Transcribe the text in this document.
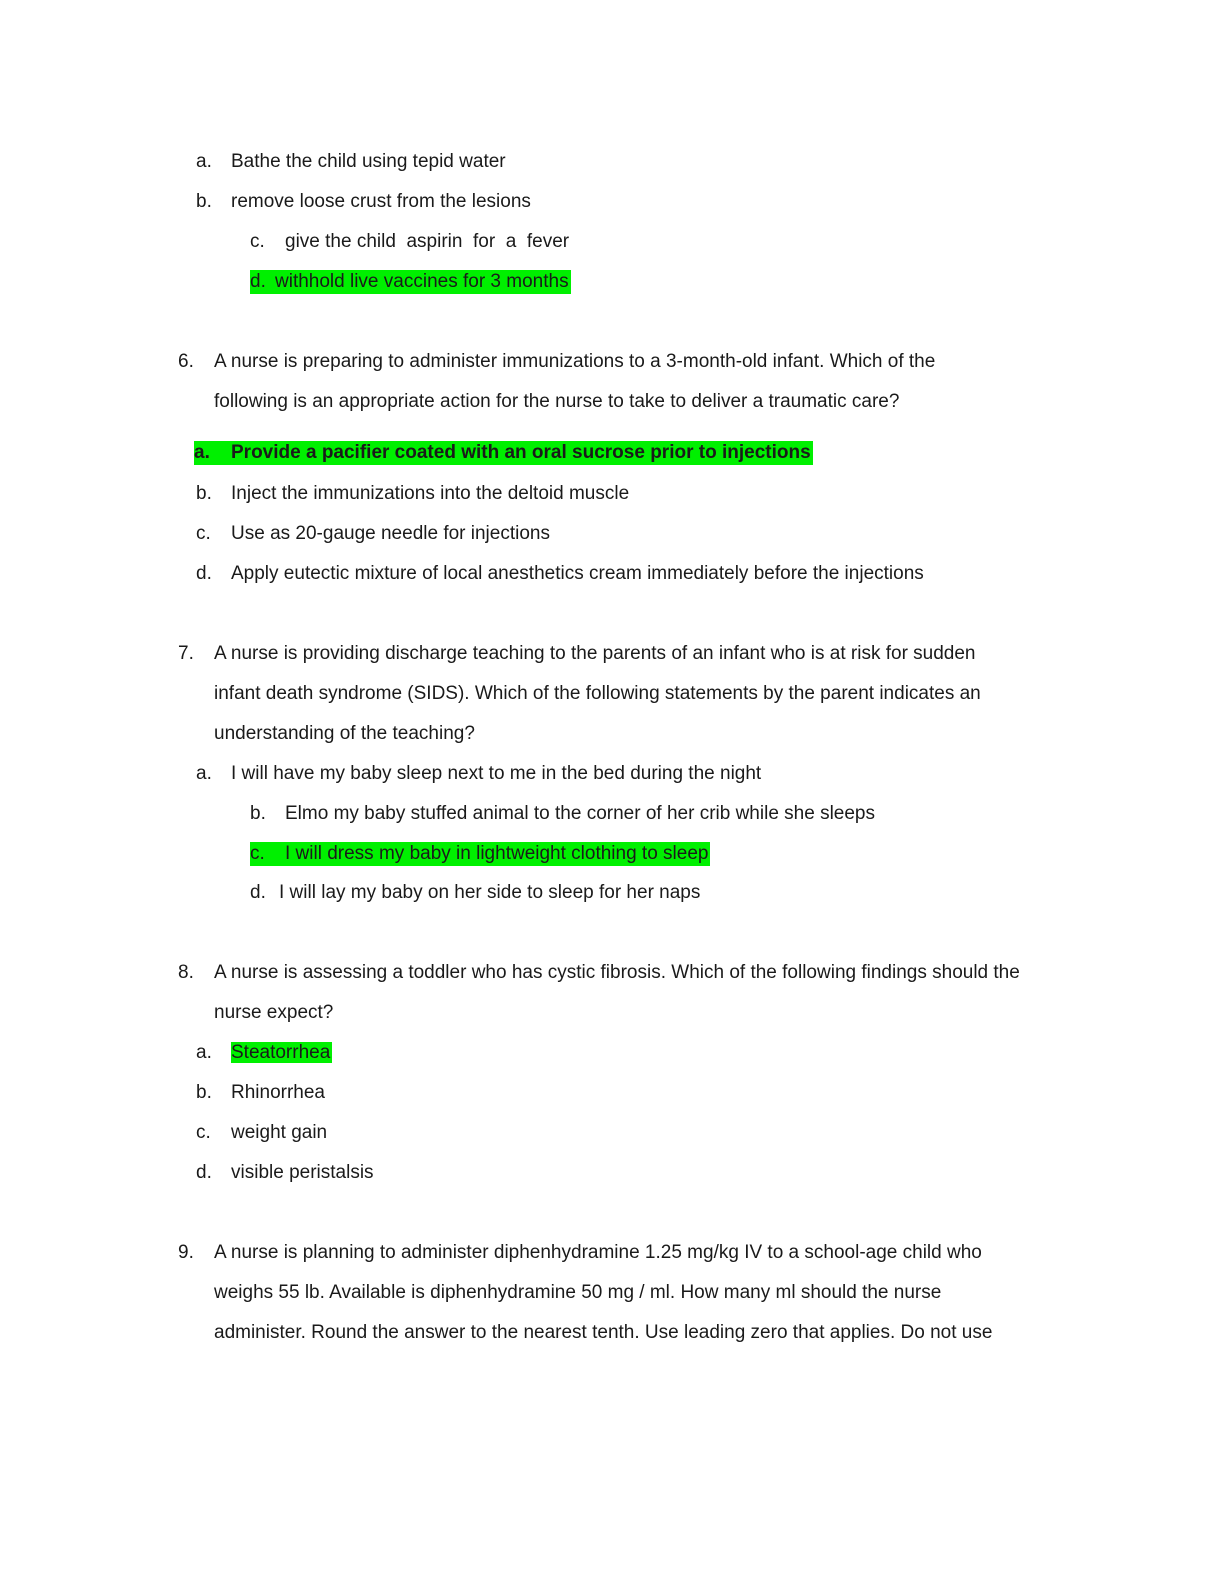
a. Bathe the child using tepid water
b. remove loose crust from the lesions
c. give the child  aspirin  for  a  fever
d. withhold live vaccines for 3 months
6. A nurse is preparing to administer immunizations to a 3-month-old infant. Which of the
following is an appropriate action for the nurse to take to deliver a traumatic care?
a. Provide a pacifier coated with an oral sucrose prior to injections
b. Inject the immunizations into the deltoid muscle
c. Use as 20-gauge needle for injections
d. Apply eutectic mixture of local anesthetics cream immediately before the injections
7. A nurse is providing discharge teaching to the parents of an infant who is at risk for sudden
infant death syndrome (SIDS). Which of the following statements by the parent indicates an
understanding of the teaching?
a. I will have my baby sleep next to me in the bed during the night
b. Elmo my baby stuffed animal to the corner of her crib while she sleeps
c. I will dress my baby in lightweight clothing to sleep
d. I will lay my baby on her side to sleep for her naps
8. A nurse is assessing a toddler who has cystic fibrosis. Which of the following findings should the
nurse expect?
a. Steatorrhea
b. Rhinorrhea
c. weight gain
d. visible peristalsis
9. A nurse is planning to administer diphenhydramine 1.25 mg/kg IV to a school-age child who
weighs 55 lb. Available is diphenhydramine 50 mg / ml. How many ml should the nurse
administer. Round the answer to the nearest tenth. Use leading zero that applies. Do not use
